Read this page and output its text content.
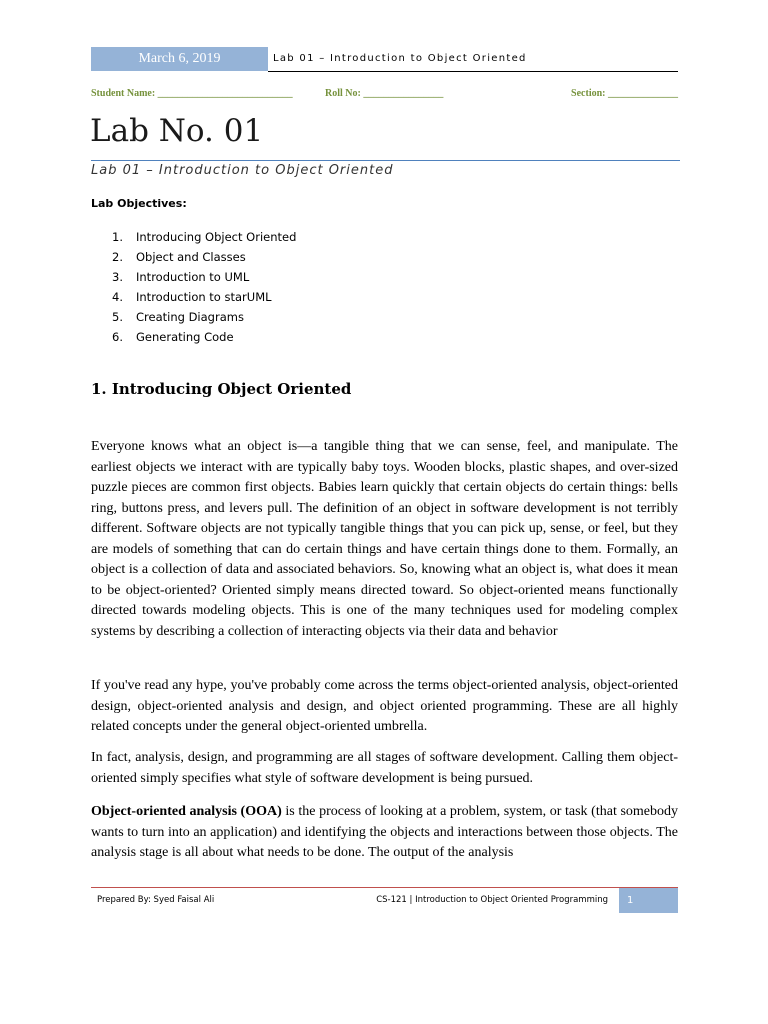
March 6, 2019	Lab 01 – Introduction to Object Oriented
Student Name: ___________________________	Roll No: ________________	Section: ______________
Lab No. 01
Lab 01 – Introduction to Object Oriented
Lab Objectives:
1. Introducing Object Oriented
2. Object and Classes
3. Introduction to UML
4. Introduction to starUML
5. Creating Diagrams
6. Generating Code
1. Introducing Object Oriented

Everyone knows what an object is—a tangible thing that we can sense, feel, and manipulate. The earliest objects we interact with are typically baby toys. Wooden blocks, plastic shapes, and over-sized puzzle pieces are common first objects. Babies learn quickly that certain objects do certain things: bells ring, buttons press, and levers pull. The definition of an object in software development is not terribly different. Software objects are not typically tangible things that you can pick up, sense, or feel, but they are models of something that can do certain things and have certain things done to them. Formally, an object is a collection of data and associated behaviors. So, knowing what an object is, what does it mean to be object-oriented? Oriented simply means directed toward. So object-oriented means functionally directed towards modeling objects. This is one of the many techniques used for modeling complex systems by describing a collection of interacting objects via their data and behavior

If you've read any hype, you've probably come across the terms object-oriented analysis, object-oriented design, object-oriented analysis and design, and object oriented programming. These are all highly related concepts under the general object-oriented umbrella.

In fact, analysis, design, and programming are all stages of software development. Calling them object-oriented simply specifies what style of software development is being pursued.

Object-oriented analysis (OOA) is the process of looking at a problem, system, or task (that somebody wants to turn into an application) and identifying the objects and interactions between those objects. The analysis stage is all about what needs to be done. The output of the analysis

Prepared By: Syed Faisal Ali	CS-121 | Introduction to Object Oriented Programming	1
